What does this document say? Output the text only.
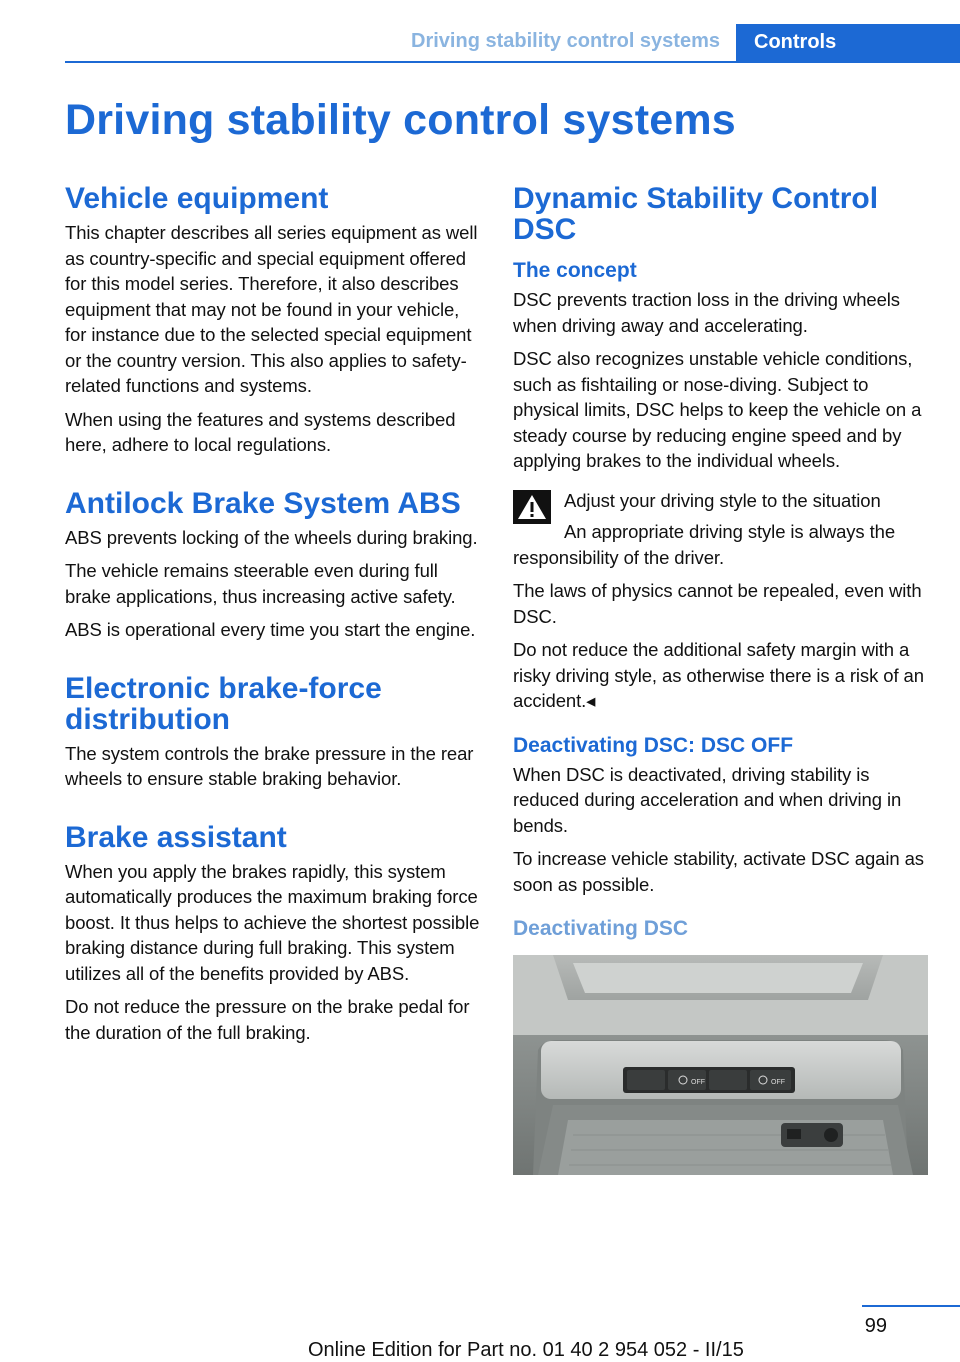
Driving stability control systems	Controls
Driving stability control systems
Vehicle equipment

This chapter describes all series equipment as well as country-specific and special equipment offered for this model series. Therefore, it also describes equipment that may not be found in your vehicle, for instance due to the selected special equipment or the country version. This also applies to safety-related functions and systems.

When using the features and systems described here, adhere to local regulations.

Antilock Brake System ABS

ABS prevents locking of the wheels during braking.

The vehicle remains steerable even during full brake applications, thus increasing active safety.

ABS is operational every time you start the engine.

Electronic brake-force distribution

The system controls the brake pressure in the rear wheels to ensure stable braking behavior.

Brake assistant

When you apply the brakes rapidly, this system automatically produces the maximum braking force boost. It thus helps to achieve the shortest possible braking distance during full braking. This system utilizes all of the benefits provided by ABS.

Do not reduce the pressure on the brake pedal for the duration of the full braking.

Dynamic Stability Control DSC
The concept

DSC prevents traction loss in the driving wheels when driving away and accelerating.

DSC also recognizes unstable vehicle conditions, such as fishtailing or nose-diving. Subject to physical limits, DSC helps to keep the vehicle on a steady course by reducing engine speed and by applying brakes to the individual wheels.

Adjust your driving style to the situation

An appropriate driving style is always the responsibility of the driver.

The laws of physics cannot be repealed, even with DSC.

Do not reduce the additional safety margin with a risky driving style, as otherwise there is a risk of an accident.◂

Deactivating DSC: DSC OFF

When DSC is deactivated, driving stability is reduced during acceleration and when driving in bends.

To increase vehicle stability, activate DSC again as soon as possible.

Deactivating DSC
OFF	OFF
99
Online Edition for Part no. 01 40 2 954 052 - II/15
